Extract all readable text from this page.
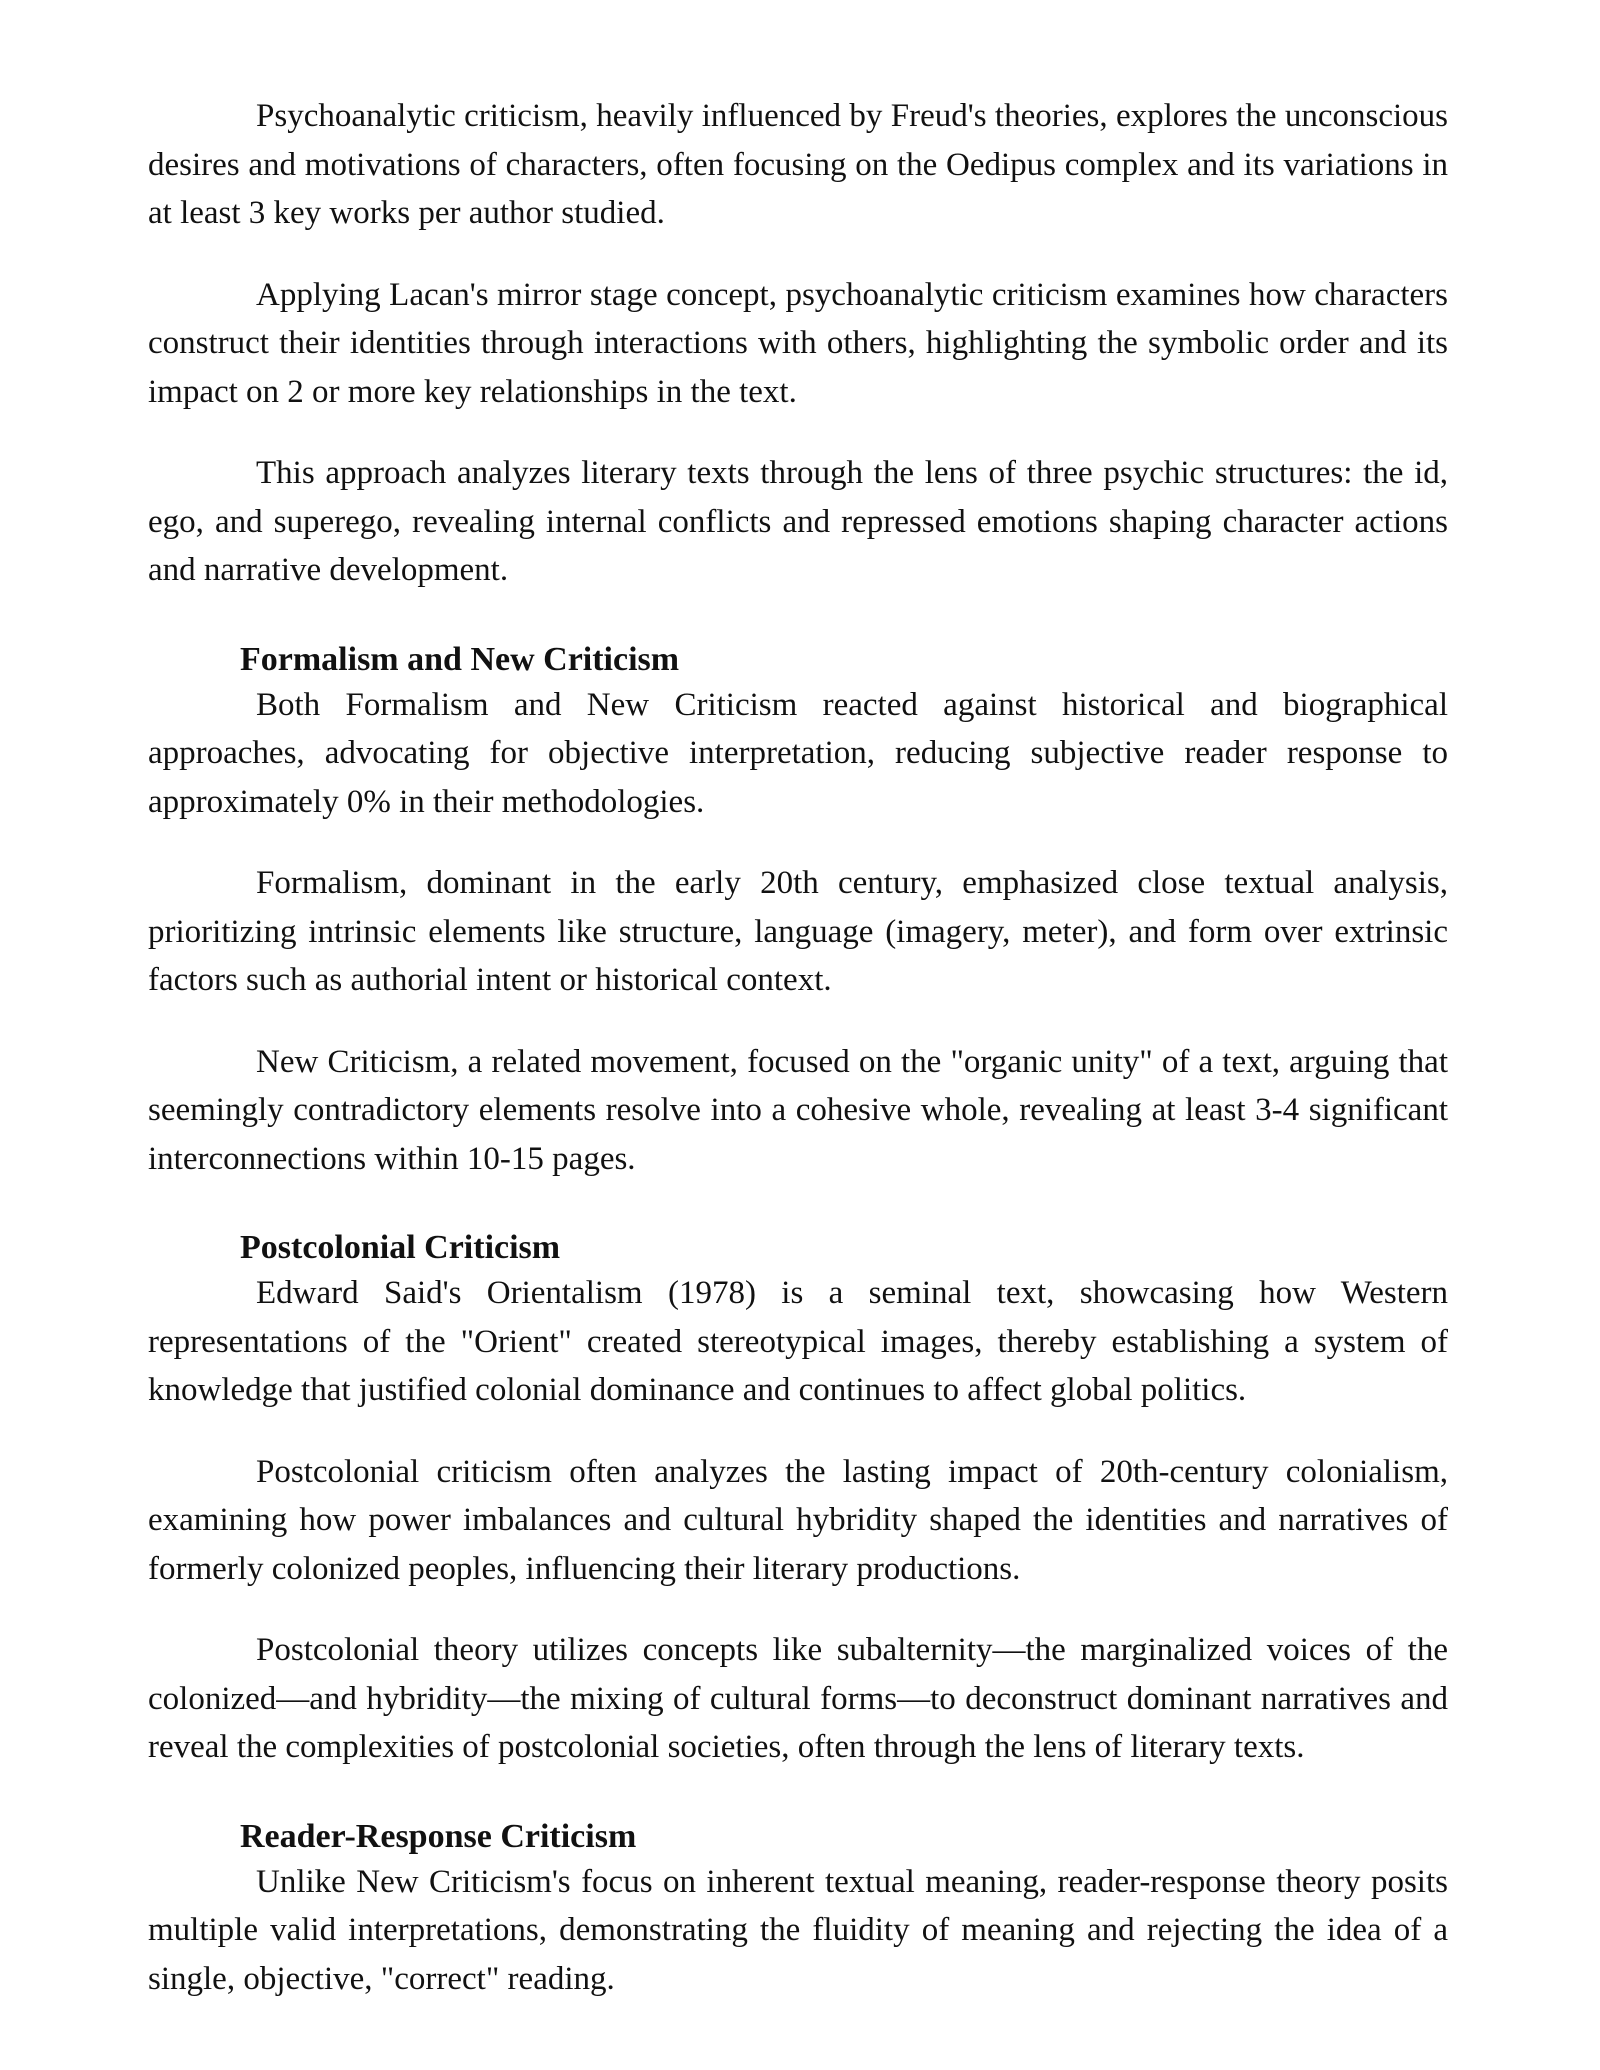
Psychoanalytic criticism, heavily influenced by Freud's theories, explores the unconscious desires and motivations of characters, often focusing on the Oedipus complex and its variations in at least 3 key works per author studied.

Applying Lacan's mirror stage concept, psychoanalytic criticism examines how characters construct their identities through interactions with others, highlighting the symbolic order and its impact on 2 or more key relationships in the text.

This approach analyzes literary texts through the lens of three psychic structures: the id, ego, and superego, revealing internal conflicts and repressed emotions shaping character actions and narrative development.

Formalism and New Criticism

Both Formalism and New Criticism reacted against historical and biographical approaches, advocating for objective interpretation, reducing subjective reader response to approximately 0% in their methodologies.

Formalism, dominant in the early 20th century, emphasized close textual analysis, prioritizing intrinsic elements like structure, language (imagery, meter), and form over extrinsic factors such as authorial intent or historical context.

New Criticism, a related movement, focused on the "organic unity" of a text, arguing that seemingly contradictory elements resolve into a cohesive whole, revealing at least 3-4 significant interconnections within 10-15 pages.

Postcolonial Criticism

Edward Said's Orientalism (1978) is a seminal text, showcasing how Western representations of the "Orient" created stereotypical images, thereby establishing a system of knowledge that justified colonial dominance and continues to affect global politics.

Postcolonial criticism often analyzes the lasting impact of 20th-century colonialism, examining how power imbalances and cultural hybridity shaped the identities and narratives of formerly colonized peoples, influencing their literary productions.

Postcolonial theory utilizes concepts like subalternity—the marginalized voices of the colonized—and hybridity—the mixing of cultural forms—to deconstruct dominant narratives and reveal the complexities of postcolonial societies, often through the lens of literary texts.

Reader-Response Criticism

Unlike New Criticism's focus on inherent textual meaning, reader-response theory posits multiple valid interpretations, demonstrating the fluidity of meaning and rejecting the idea of a single, objective, "correct" reading.
